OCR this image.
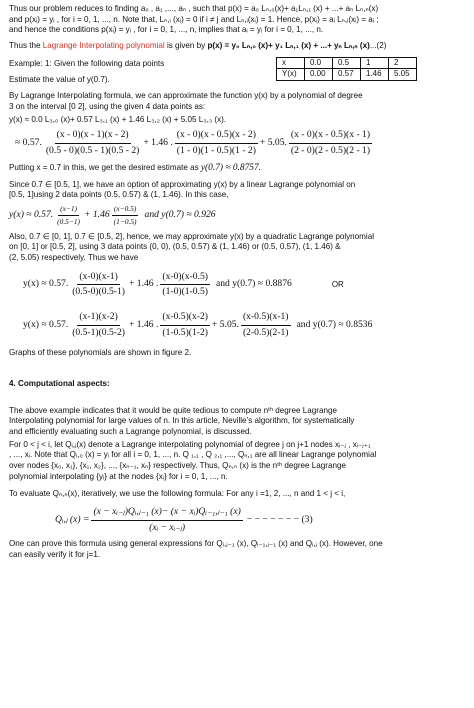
Thus our problem reduces to finding a₀ , a₁ ,..., aₙ , such that p(x) = a₀ Lₙ,₀(x)+ a₁Lₙ,₁ (x) + ...+ aₙ Lₙ,ₙ(x)

and p(xᵢ) = yᵢ , for i = 0, 1, ..., n. Note that, Lₙ,ᵢ (xᵢ) = 0 if i ≠ j and Lₙ,ᵢ(xᵢ) = 1. Hence, p(xᵢ) = aᵢ Lₙ,ᵢ(xᵢ) = aᵢ ;

and hence the conditions p(xᵢ) = yᵢ , for i = 0, 1, ..., n, implies that aᵢ = yᵢ for i = 0, 1, ..., n.

Thus the Lagrange Interpolating polynomial is given by p(x) = y₀ Lₙ,₀ (x)+ y₁ Lₙ,₁ (x) + ...+ yₙ Lₙ,ₙ (x)...(2)

Example: 1: Given the following data points

Estimate the value of y(0.7).

x	0.0	0.5	1	2
Y(x)	0.00	0.57	1.46	5.05

By Lagrange Interpolating formula, we can approximate the function y(x) by a polynomial of degree

3 on the interval [0 2], using the given 4 data points as:

y(x) ≈ 0.0 L₃,₀ (x)+ 0.57 L₃,₁ (x) + 1.46 L₃,₂ (x) + 5.05 L₃,₃ (x).

≈ 0.57. $\frac{(x - 0)(x - 1)(x - 2)}{(0.5 - 0)(0.5 - 1)(0.5 - 2)} + 1.46$ . $\frac{(x - 0)(x - 0.5)(x - 2)}{(1 - 0)(1 - 0.5)(1 - 2)} + 5.05$. $\frac{(x - 0)(x - 0.5)(x - 1)}{(2 - 0)(2 - 0.5)(2 - 1)}$

Putting x = 0.7 in this, we get the desired estimate as y(0.7) ≈ 0.8757.

Since 0.7 ∈ [0.5, 1], we have an option of approximating y(x) by a linear Lagrange polynomial on

[0.5, 1]using 2 data points (0.5, 0.57) & (1, 1.46). In this case,

y(x) ≈ 0.57. $\frac{(x-1)}{(0.5-1)} + 1.46 \frac{(x-0.5)}{(1-0.5)}$ and y(0.7) ≈ 0.926

Also, 0.7 ∈ [0, 1], 0.7 ∈ [0.5, 2], hence, we may approximate y(x) by a quadratic Lagrange polynomial

on [0, 1] or [0.5, 2], using 3 data points (0, 0), (0.5, 0.57) & (1, 1.46) or (0.5, 0.57), (1, 1.46) &

(2, 5.05) respectively. Thus we have

y(x) ≈ 0.57. $\frac{(x-0)(x-1)}{(0.5-0)(0.5-1)} + 1.46$ . $\frac{(x-0)(x-0.5)}{(1-0)(1-0.5)}$ and y(0.7) ≈ 0.8876	OR
y(x) ≈ 0.57. $\frac{(x-1)(x-2)}{(0.5-1)(0.5-2)} + 1.46$ . $\frac{(x-0.5)(x-2)}{(1-0.5)(1-2)} + 5.05$. $\frac{(x-0.5)(x-1)}{(2-0.5)(2-1)}$ and y(0.7) ≈ 0.8536

Graphs of these polynomials are shown in figure 2.

4. Computational aspects:

The above example indicates that it would be quite tedious to compute nᵗʰ degree Lagrange

Interpolating polynomial for large values of n. In this article, Neville’s algorithm, for systematically

and efficiently evaluating such a Lagrange polynomial, is discussed.

For 0 < j < i, let Qᵢ,ⱼ(x) denote a Lagrange interpolating polynomial of degree j on j+1 nodes xᵢ₋ⱼ , xᵢ₋ⱼ₊₁

, ..., xᵢ. Note that Qᵢ,₀ (x) = yᵢ for all i = 0, 1, ..., n. Q ₁,₁ , Q ₂,₁ ,..., Qₙ,₁ are all linear Lagrange polynomial

over nodes {x₀, x₁}, {x₁, x₂}, ..., {xₙ₋₁, xₙ} respectively. Thus, Qₙ,ₙ (x) is the nᵗʰ degree Lagrange

polynomial interpolating {yᵢ} at the nodes {xᵢ} for i = 0, 1, ..., n.

To evaluate Qₙ,ₙ(x), iteratively, we use the following formula: For any i =1, 2, ..., n and 1 < j < i,

Qᵢ,ⱼ $(x) = \frac{\text{(x − xᵢ₋ⱼ)Qᵢ,ⱼ₋₁ (x)− (x − xᵢ)Qᵢ₋₁,ⱼ₋₁ (x)}}{\text{(xᵢ − xᵢ₋ⱼ)}}$ − − − − − − − (3)

One can prove this formula using general expressions for Qᵢ,ⱼ₋₁ (x), Qᵢ₋₁,ⱼ₋₁ (x) and Qᵢ,ⱼ (x). However, one

can easily verify it for j=1.
